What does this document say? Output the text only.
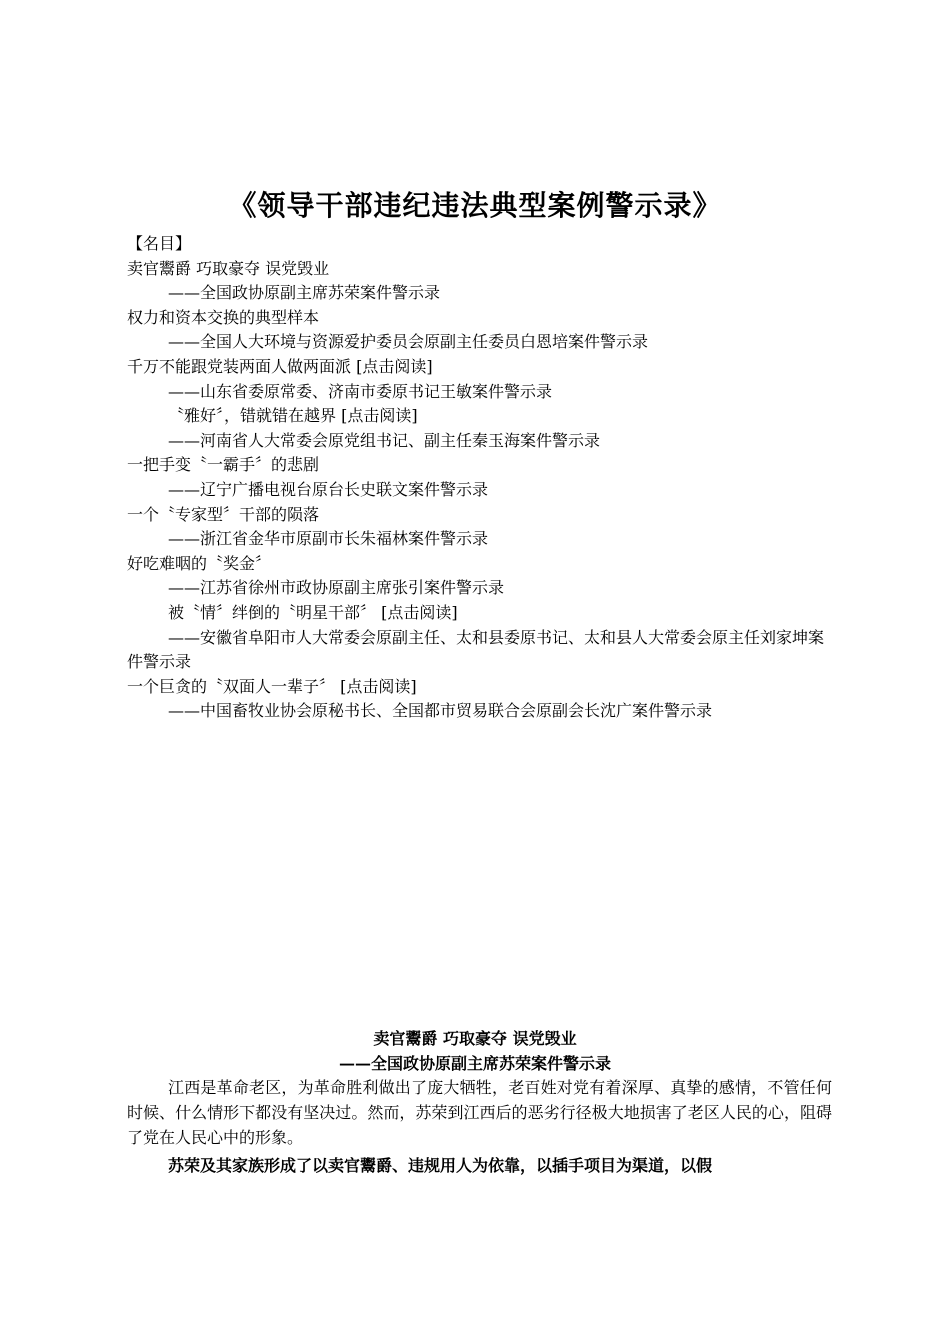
《领导干部违纪违法典型案例警示录》
【名目】
卖官鬻爵 巧取豪夺 误党毁业
——全国政协原副主席苏荣案件警示录
权力和资本交换的典型样本
——全国人大环境与资源爱护委员会原副主任委员白恩培案件警示录
千万不能跟党装两面人做两面派 [点击阅读]
——山东省委原常委、济南市委原书记王敏案件警示录
〝雅好〞，错就错在越界 [点击阅读]
——河南省人大常委会原党组书记、副主任秦玉海案件警示录
一把手变〝一霸手〞的悲剧
——辽宁广播电视台原台长史联文案件警示录
一个〝专家型〞干部的陨落
——浙江省金华市原副市长朱福林案件警示录
好吃难咽的〝奖金〞
——江苏省徐州市政协原副主席张引案件警示录
被〝情〞绊倒的〝明星干部〞 [点击阅读]
——安徽省阜阳市人大常委会原副主任、太和县委原书记、太和县人大常委会原主任刘家坤案件警示录
一个巨贪的〝双面人一辈子〞 [点击阅读]
——中国畜牧业协会原秘书长、全国都市贸易联合会原副会长沈广案件警示录
卖官鬻爵 巧取豪夺 误党毁业
——全国政协原副主席苏荣案件警示录
江西是革命老区，为革命胜利做出了庞大牺牲，老百姓对党有着深厚、真挚的感情，不管任何时候、什么情形下都没有坚决过。然而，苏荣到江西后的恶劣行径极大地损害了老区人民的心，阻碍了党在人民心中的形象。
苏荣及其家族形成了以卖官鬻爵、违规用人为依靠，以插手项目为渠道，以假
